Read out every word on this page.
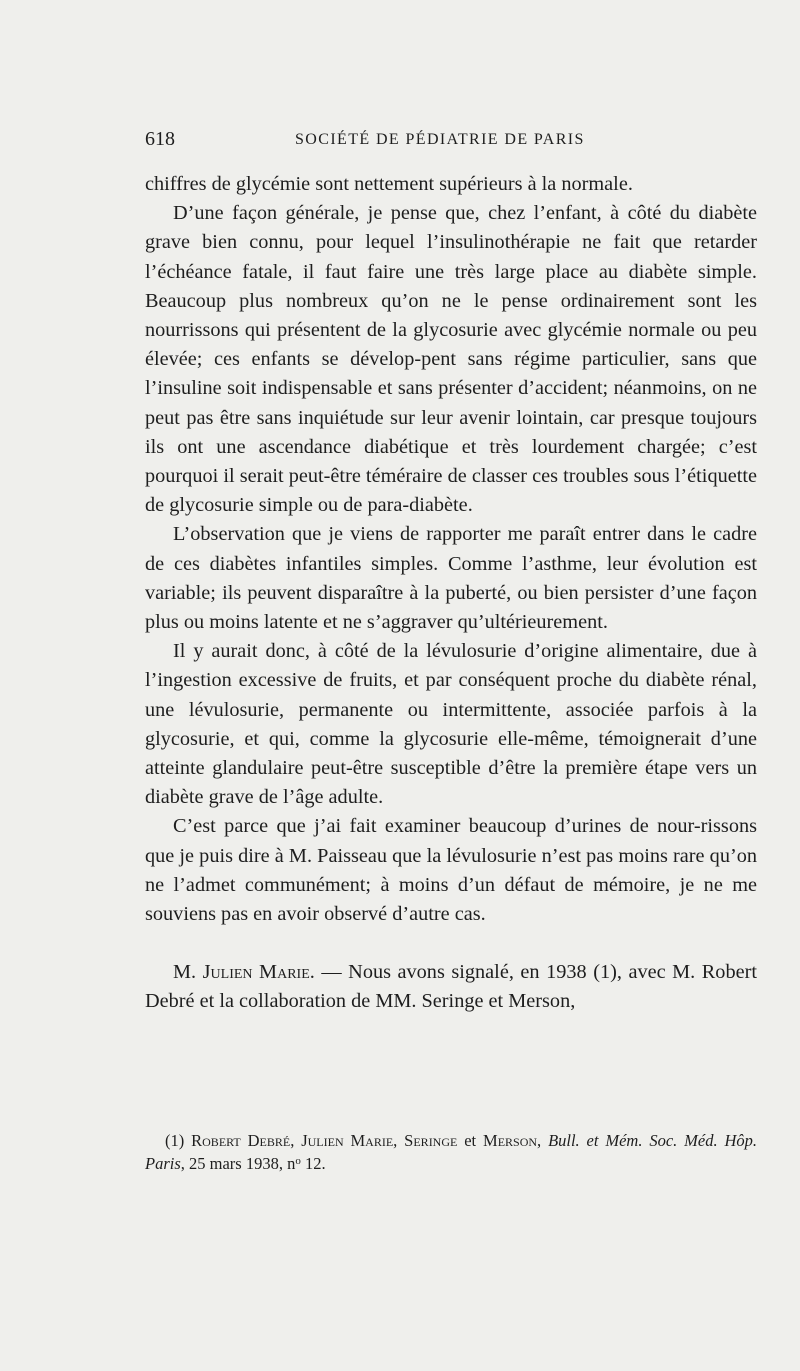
618	SOCIÉTÉ DE PÉDIATRIE DE PARIS

chiffres de glycémie sont nettement supérieurs à la normale.

D’une façon générale, je pense que, chez l’enfant, à côté du diabète grave bien connu, pour lequel l’insulinothérapie ne fait que retarder l’échéance fatale, il faut faire une très large place au diabète simple. Beaucoup plus nombreux qu’on ne le pense ordinairement sont les nourrissons qui présentent de la glycosurie avec glycémie normale ou peu élevée; ces enfants se dévelop-pent sans régime particulier, sans que l’insuline soit indispensable et sans présenter d’accident; néanmoins, on ne peut pas être sans inquiétude sur leur avenir lointain, car presque toujours ils ont une ascendance diabétique et très lourdement chargée; c’est pourquoi il serait peut-être téméraire de classer ces troubles sous l’étiquette de glycosurie simple ou de para-diabète.

L’observation que je viens de rapporter me paraît entrer dans le cadre de ces diabètes infantiles simples. Comme l’asthme, leur évolution est variable; ils peuvent disparaître à la puberté, ou bien persister d’une façon plus ou moins latente et ne s’aggraver qu’ultérieurement.

Il y aurait donc, à côté de la lévulosurie d’origine alimentaire, due à l’ingestion excessive de fruits, et par conséquent proche du diabète rénal, une lévulosurie, permanente ou intermittente, associée parfois à la glycosurie, et qui, comme la glycosurie elle-même, témoignerait d’une atteinte glandulaire peut-être susceptible d’être la première étape vers un diabète grave de l’âge adulte.

C’est parce que j’ai fait examiner beaucoup d’urines de nour-rissons que je puis dire à M. Paisseau que la lévulosurie n’est pas moins rare qu’on ne l’admet communément; à moins d’un défaut de mémoire, je ne me souviens pas en avoir observé d’autre cas.

M. Julien Marie. — Nous avons signalé, en 1938 (1), avec M. Robert Debré et la collaboration de MM. Seringe et Merson,

(1) Robert Debré, Julien Marie, Seringe et Merson, Bull. et Mém. Soc. Méd. Hôp. Paris, 25 mars 1938, $n^o$ 12.
